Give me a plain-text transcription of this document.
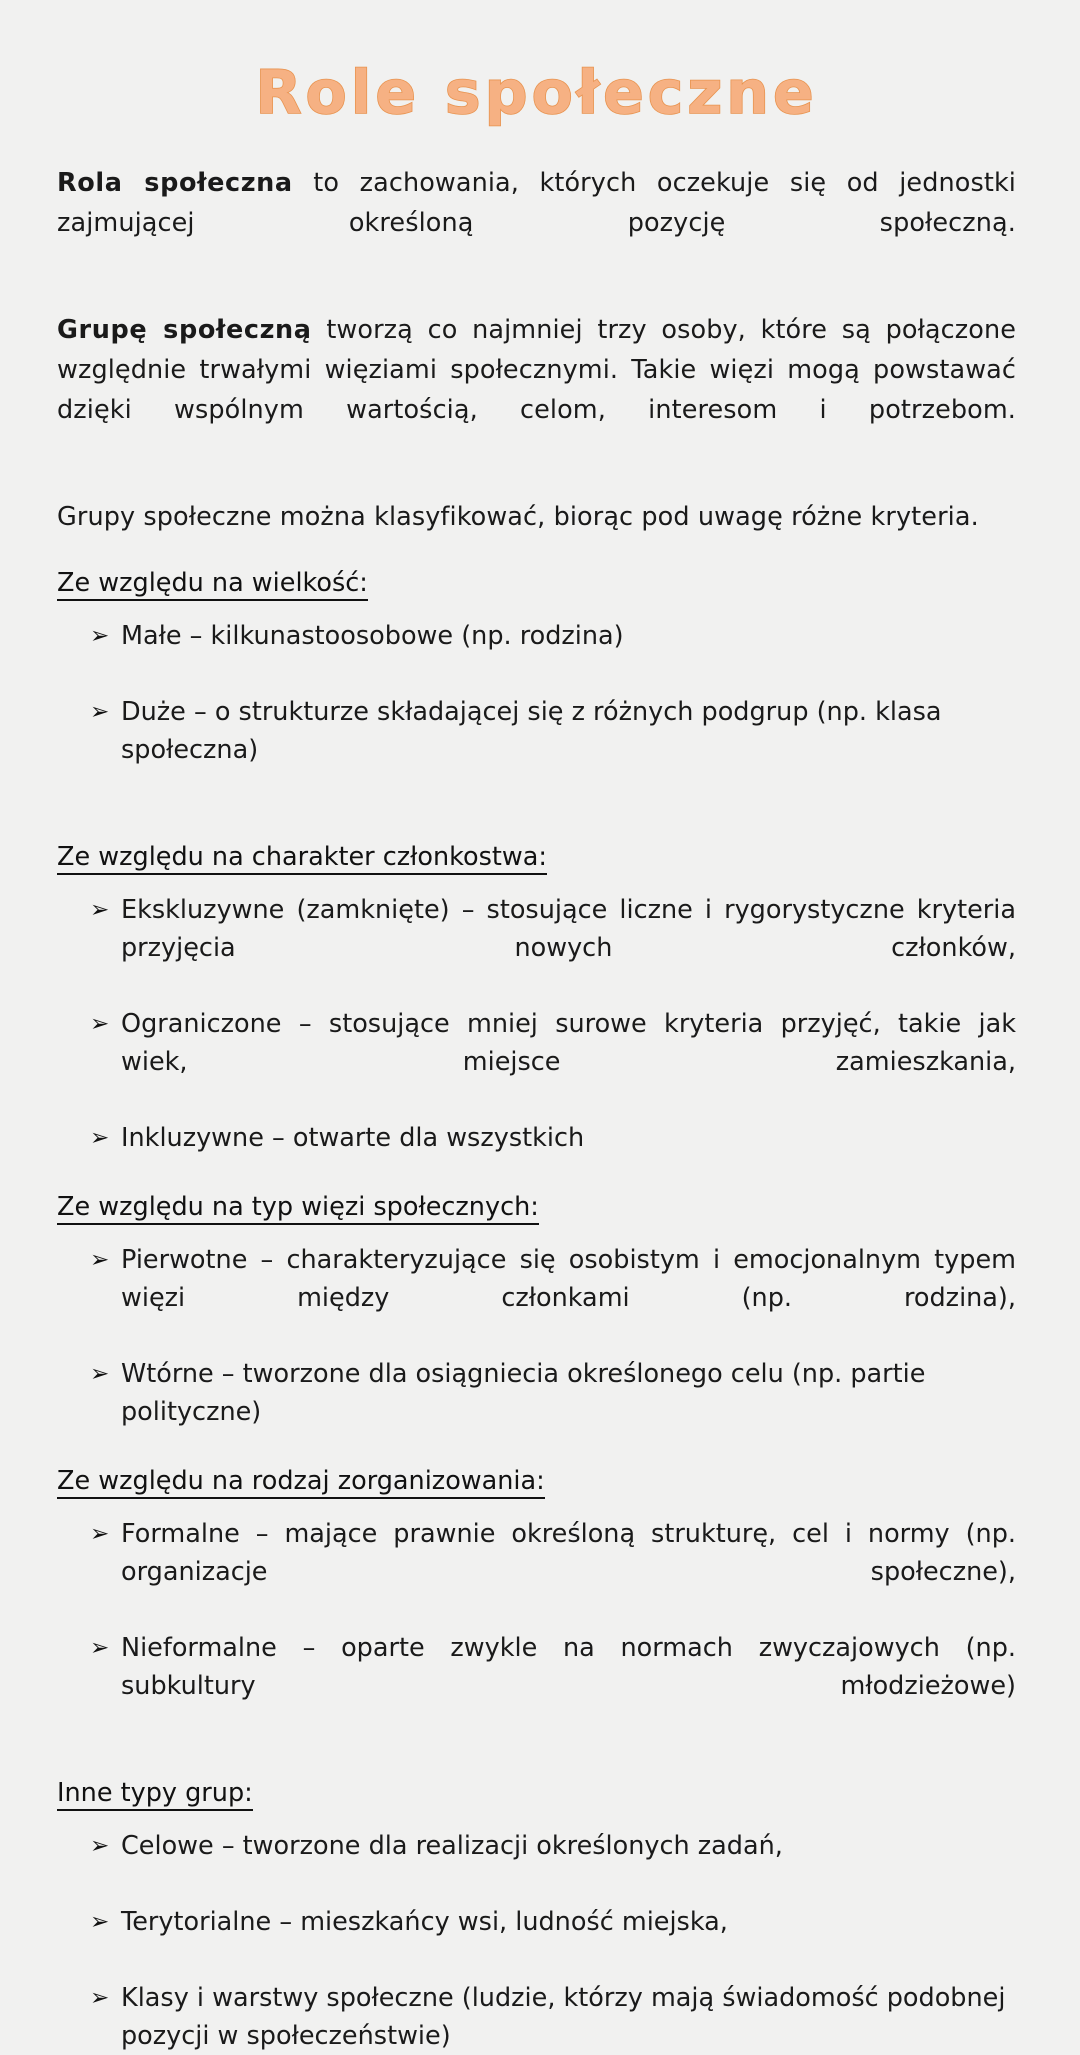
Role społeczne

Rola społeczna to zachowania, których oczekuje się od jednostki zajmującej określoną pozycję społeczną.

Grupę społeczną tworzą co najmniej trzy osoby, które są połączone względnie trwałymi więziami społecznymi. Takie więzi mogą powstawać dzięki wspólnym wartością, celom, interesom i potrzebom.

Grupy społeczne można klasyfikować, biorąc pod uwagę różne kryteria.

Ze względu na wielkość:
➢ Małe – kilkunastoosobowe (np. rodzina)
➢ Duże – o strukturze składającej się z różnych podgrup (np. klasa społeczna)
Ze względu na charakter członkostwa:
➢ Ekskluzywne (zamknięte) – stosujące liczne i rygorystyczne kryteria przyjęcia nowych członków,
➢ Ograniczone – stosujące mniej surowe kryteria przyjęć, takie jak wiek, miejsce zamieszkania,
➢ Inkluzywne – otwarte dla wszystkich
Ze względu na typ więzi społecznych:
➢ Pierwotne – charakteryzujące się osobistym i emocjonalnym typem więzi między członkami (np. rodzina),
➢ Wtórne – tworzone dla osiągniecia określonego celu (np. partie polityczne)
Ze względu na rodzaj zorganizowania:
➢ Formalne – mające prawnie określoną strukturę, cel i normy (np. organizacje społeczne),
➢ Nieformalne – oparte zwykle na normach zwyczajowych (np. subkultury młodzieżowe)
Inne typy grup:
➢ Celowe – tworzone dla realizacji określonych zadań,
➢ Terytorialne – mieszkańcy wsi, ludność miejska,
➢ Klasy i warstwy społeczne (ludzie, którzy mają świadomość podobnej pozycji w społeczeństwie)
